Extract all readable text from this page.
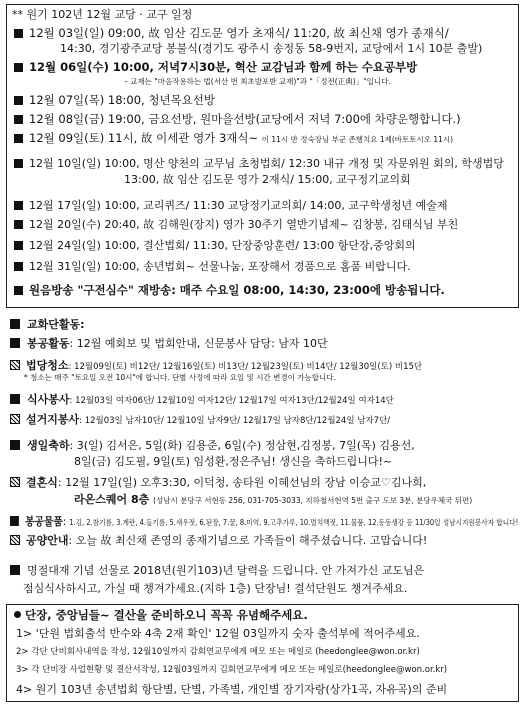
** 원기 102년 12월 교당 · 교구 일정
12월 03일(일) 09:00, 故 임산 김도문 영가 초재식/ 11:20, 故 최신채 영가 종재식/
14:30, 경기광주교당 봉불식(경기도 광주시 송정동 58-9번지, 교당에서 1시 10분 출발)
12월 06일(수) 10:00, 저녁7시30분, 혁산 교감님과 함께 하는 수요공부방
– 교재는 "마음작용하는 법(서산 번 최초발포받 교재)"과 "「정전(正典)」"입니다.
12월 07일(목) 18:00, 청년목요선방
12월 08일(금) 19:00, 금요선방, 원마을선방(교당에서 저녁 7:00에 차량운행합니다.)
12월 09일(토) 11시, 故 이세관 영가 3재식~ 이 11시 반 정숙장님 부군 존행치요 1제(바토토시오 11시)
12월 10일(일) 10:00, 명산 양천의 교무님 초청법회/ 12:30 내규 개정 및 자문위원 회의, 학생법당
13:00, 故 임산 김도문 영가 2재식/ 15:00, 교구정기교의회
12월 17일(일) 10:00, 교리퀴즈/ 11:30 교당정기교의회/ 14:00, 교구학생청년 예술제
12월 20일(수) 20:40, 故 김해원(장지) 영가 30주기 열반기념제~ 김창봉, 김태식님 부친
12월 24일(일) 10:00, 결산법회/ 11:30, 단장중앙훈련/ 13:00 항단장,중앙회의
12월 31일(일) 10:00, 송년법회~ 선물나눔, 포장해서 경품으로 홈품 비랍니다.
원음방송 "구전심수" 재방송: 매주 수요일 08:00, 14:30, 23:00에 방송됩니다.
교화단활동:
봉공활동: 12월 예회보 및 법회안내, 신문봉사 담당: 남자 10단
법당청소: 12월09일(토) 비12단/ 12월16일(토) 비13단/ 12월23일(토) 비14단/ 12월30일(토) 비15단
* 청소는 매주 "토요일 오전 10시"에 합니다. 단별 사정에 따라 요일 및 시간 변경이 가능합니다.
식사봉사: 12월03일 여자06단/ 12월10일 여자12단/ 12월17일 여자13단/12월24일 여자14단
설거지봉사: 12월03일 남자10단/ 12월10일 남자9단/ 12월17일 남자8단/12월24일 남자7단/
생일축하: 3(일) 김서은, 5일(화) 김용준, 6일(수) 정삼현,김정봉, 7일(목) 김용선,
8일(금) 김도필, 9일(토) 임성환,정은주님! 생신을 축하드립니다!~
결혼식: 12월 17일(일) 오후3:30, 이덕청, 송타원 이혜선님의 장남 이승교♡김나희,
라온스퀘어 8층 (성남시 분당구 서현동 256, 031-705-3033, 지하철서현역 5번 출구 도보 3분, 분당우체국 뒤편)
봉공물품: 1.김, 2.참기름, 3.계란, 4.들기름, 5.새우젓, 6.된장, 7.꿀, 8.미역, 9.고추가루, 10.멸치액젓, 11.물품, 12.동동생강 등 11/30일 성남시지원봉사자 합니다!
공양안내: 오늘 故 최신채 존영의 종재기념으로 가족들이 해주셨습니다. 고맙습니다!
명절대재 기념 선물로 2018년(원기103)년 달력을 드립니다. 안 가져가신 교도님은
점심식사하시고, 가실 때 챙겨가세요.(지하 1층) 단장님! 결석단원도 챙겨주세요.
단장, 중앙님들~ 결산을 준비하오니 꼭꼭 유념해주세요.
1> '단원 법회출석 반수와 4축 2재 확인' 12월 03일까지 숫자 출석부에 적어주세요.
2> 각단 단비회사내역을 작성, 12월10일까지 감회연교무에게 메모 또는 메일로 (heedonglee@won.or.kr)
3> 각 단비장 사업현황 및 결산서작성, 12월03일까지 김회연교무에게 메모 또는 메일로(heedonglee@won.or.kr)
4> 원기 103년 송년법회 항단별, 단별, 가족별, 개인별 장기자랑(상가1곡, 자유곡)의 준비
